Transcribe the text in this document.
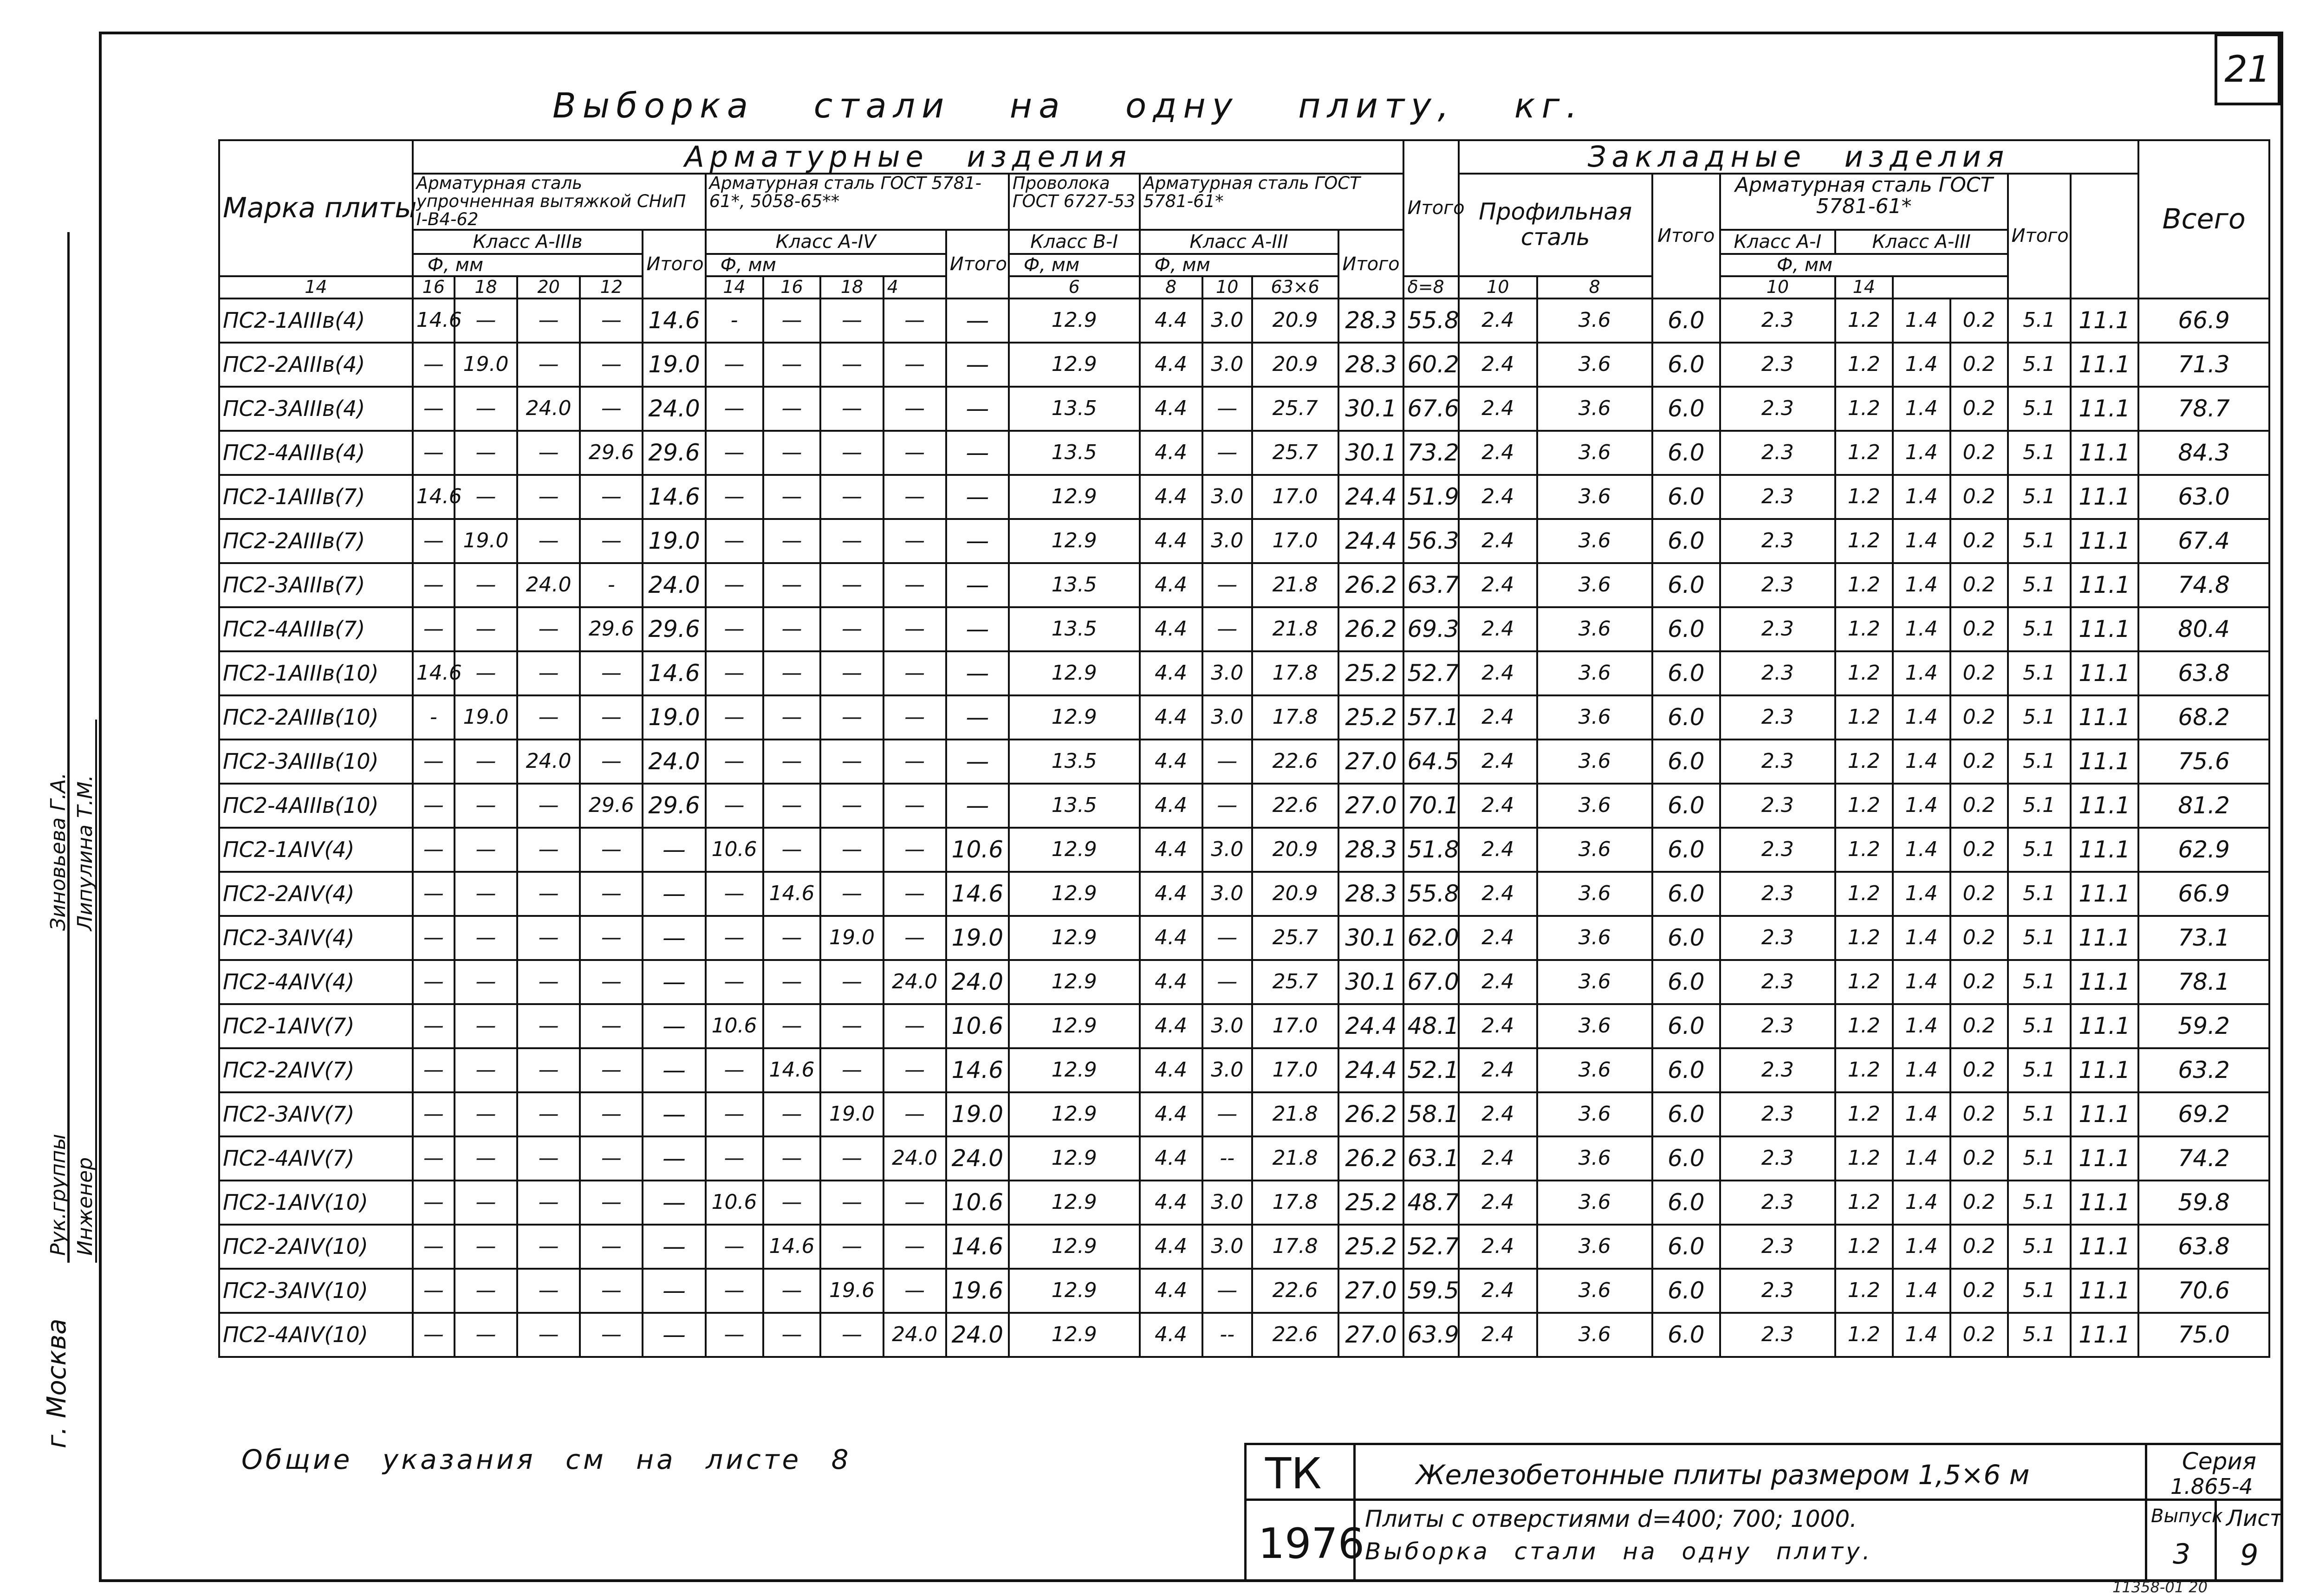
21
Выборка стали на одну плиту, кг.
Марка плиты	Арматурные изделия															Итого	Закладные изделия									Всего
	Арматурная сталь упрочненная вытяжкой СНиП I-B4-62					Арматурная сталь ГОСТ 5781-61*, 5058-65**					Проволока ГОСТ 6727-53	Арматурная сталь ГОСТ 5781-61*					Профильная сталь		Итого	Арматурная сталь ГОСТ 5781-61*				Итого		
	Класс А-IIIв				Итого	Класс А-IV				Итого	Класс В-I	Класс А-III			Итого					Класс А-I	Класс А-III					
	Ф, мм					Ф, мм					Ф, мм	Ф, мм								Ф, мм						
14	16	18	20	12		14	16	18	4		6	8	10	63×6		δ=8	10	8		10	14					
ПС2-1АIIIв(4)	14.6	—	—	—	14.6	-	—	—	—	—	12.9	4.4	3.0	20.9	28.3	55.8	2.4	3.6	6.0	2.3	1.2	1.4	0.2	5.1	11.1	66.9
ПС2-2АIIIв(4)	—	19.0	—	—	19.0	—	—	—	—	—	12.9	4.4	3.0	20.9	28.3	60.2	2.4	3.6	6.0	2.3	1.2	1.4	0.2	5.1	11.1	71.3
ПС2-3АIIIв(4)	—	—	24.0	—	24.0	—	—	—	—	—	13.5	4.4	—	25.7	30.1	67.6	2.4	3.6	6.0	2.3	1.2	1.4	0.2	5.1	11.1	78.7
ПС2-4АIIIв(4)	—	—	—	29.6	29.6	—	—	—	—	—	13.5	4.4	—	25.7	30.1	73.2	2.4	3.6	6.0	2.3	1.2	1.4	0.2	5.1	11.1	84.3
ПС2-1АIIIв(7)	14.6	—	—	—	14.6	—	—	—	—	—	12.9	4.4	3.0	17.0	24.4	51.9	2.4	3.6	6.0	2.3	1.2	1.4	0.2	5.1	11.1	63.0
ПС2-2АIIIв(7)	—	19.0	—	—	19.0	—	—	—	—	—	12.9	4.4	3.0	17.0	24.4	56.3	2.4	3.6	6.0	2.3	1.2	1.4	0.2	5.1	11.1	67.4
ПС2-3АIIIв(7)	—	—	24.0	-	24.0	—	—	—	—	—	13.5	4.4	—	21.8	26.2	63.7	2.4	3.6	6.0	2.3	1.2	1.4	0.2	5.1	11.1	74.8
ПС2-4АIIIв(7)	—	—	—	29.6	29.6	—	—	—	—	—	13.5	4.4	—	21.8	26.2	69.3	2.4	3.6	6.0	2.3	1.2	1.4	0.2	5.1	11.1	80.4
ПС2-1АIIIв(10)	14.6	—	—	—	14.6	—	—	—	—	—	12.9	4.4	3.0	17.8	25.2	52.7	2.4	3.6	6.0	2.3	1.2	1.4	0.2	5.1	11.1	63.8
ПС2-2АIIIв(10)	-	19.0	—	—	19.0	—	—	—	—	—	12.9	4.4	3.0	17.8	25.2	57.1	2.4	3.6	6.0	2.3	1.2	1.4	0.2	5.1	11.1	68.2
ПС2-3АIIIв(10)	—	—	24.0	—	24.0	—	—	—	—	—	13.5	4.4	—	22.6	27.0	64.5	2.4	3.6	6.0	2.3	1.2	1.4	0.2	5.1	11.1	75.6
ПС2-4АIIIв(10)	—	—	—	29.6	29.6	—	—	—	—	—	13.5	4.4	—	22.6	27.0	70.1	2.4	3.6	6.0	2.3	1.2	1.4	0.2	5.1	11.1	81.2
ПС2-1АIV(4)	—	—	—	—	—	10.6	—	—	—	10.6	12.9	4.4	3.0	20.9	28.3	51.8	2.4	3.6	6.0	2.3	1.2	1.4	0.2	5.1	11.1	62.9
ПС2-2АIV(4)	—	—	—	—	—	—	14.6	—	—	14.6	12.9	4.4	3.0	20.9	28.3	55.8	2.4	3.6	6.0	2.3	1.2	1.4	0.2	5.1	11.1	66.9
ПС2-3АIV(4)	—	—	—	—	—	—	—	19.0	—	19.0	12.9	4.4	—	25.7	30.1	62.0	2.4	3.6	6.0	2.3	1.2	1.4	0.2	5.1	11.1	73.1
ПС2-4АIV(4)	—	—	—	—	—	—	—	—	24.0	24.0	12.9	4.4	—	25.7	30.1	67.0	2.4	3.6	6.0	2.3	1.2	1.4	0.2	5.1	11.1	78.1
ПС2-1АIV(7)	—	—	—	—	—	10.6	—	—	—	10.6	12.9	4.4	3.0	17.0	24.4	48.1	2.4	3.6	6.0	2.3	1.2	1.4	0.2	5.1	11.1	59.2
ПС2-2АIV(7)	—	—	—	—	—	—	14.6	—	—	14.6	12.9	4.4	3.0	17.0	24.4	52.1	2.4	3.6	6.0	2.3	1.2	1.4	0.2	5.1	11.1	63.2
ПС2-3АIV(7)	—	—	—	—	—	—	—	19.0	—	19.0	12.9	4.4	—	21.8	26.2	58.1	2.4	3.6	6.0	2.3	1.2	1.4	0.2	5.1	11.1	69.2
ПС2-4АIV(7)	—	—	—	—	—	—	—	—	24.0	24.0	12.9	4.4	--	21.8	26.2	63.1	2.4	3.6	6.0	2.3	1.2	1.4	0.2	5.1	11.1	74.2
ПС2-1АIV(10)	—	—	—	—	—	10.6	—	—	—	10.6	12.9	4.4	3.0	17.8	25.2	48.7	2.4	3.6	6.0	2.3	1.2	1.4	0.2	5.1	11.1	59.8
ПС2-2АIV(10)	—	—	—	—	—	—	14.6	—	—	14.6	12.9	4.4	3.0	17.8	25.2	52.7	2.4	3.6	6.0	2.3	1.2	1.4	0.2	5.1	11.1	63.8
ПС2-3АIV(10)	—	—	—	—	—	—	—	19.6	—	19.6	12.9	4.4	—	22.6	27.0	59.5	2.4	3.6	6.0	2.3	1.2	1.4	0.2	5.1	11.1	70.6
ПС2-4АIV(10)	—	—	—	—	—	—	—	—	24.0	24.0	12.9	4.4	--	22.6	27.0	63.9	2.4	3.6	6.0	2.3	1.2	1.4	0.2	5.1	11.1	75.0
Общие указания см на листе 8
Рук.группы Инженер
Зиновьева Г.А. Липулина Т.М.
г. Москва
ТК
1976
Железобетонные плиты размером 1,5×6 м
Плиты с отверстиями d=400; 700; 1000.
Выборка стали на одну плиту.
Серия
1.865-4
Выпуск
3
Лист
9
11358-01 20
